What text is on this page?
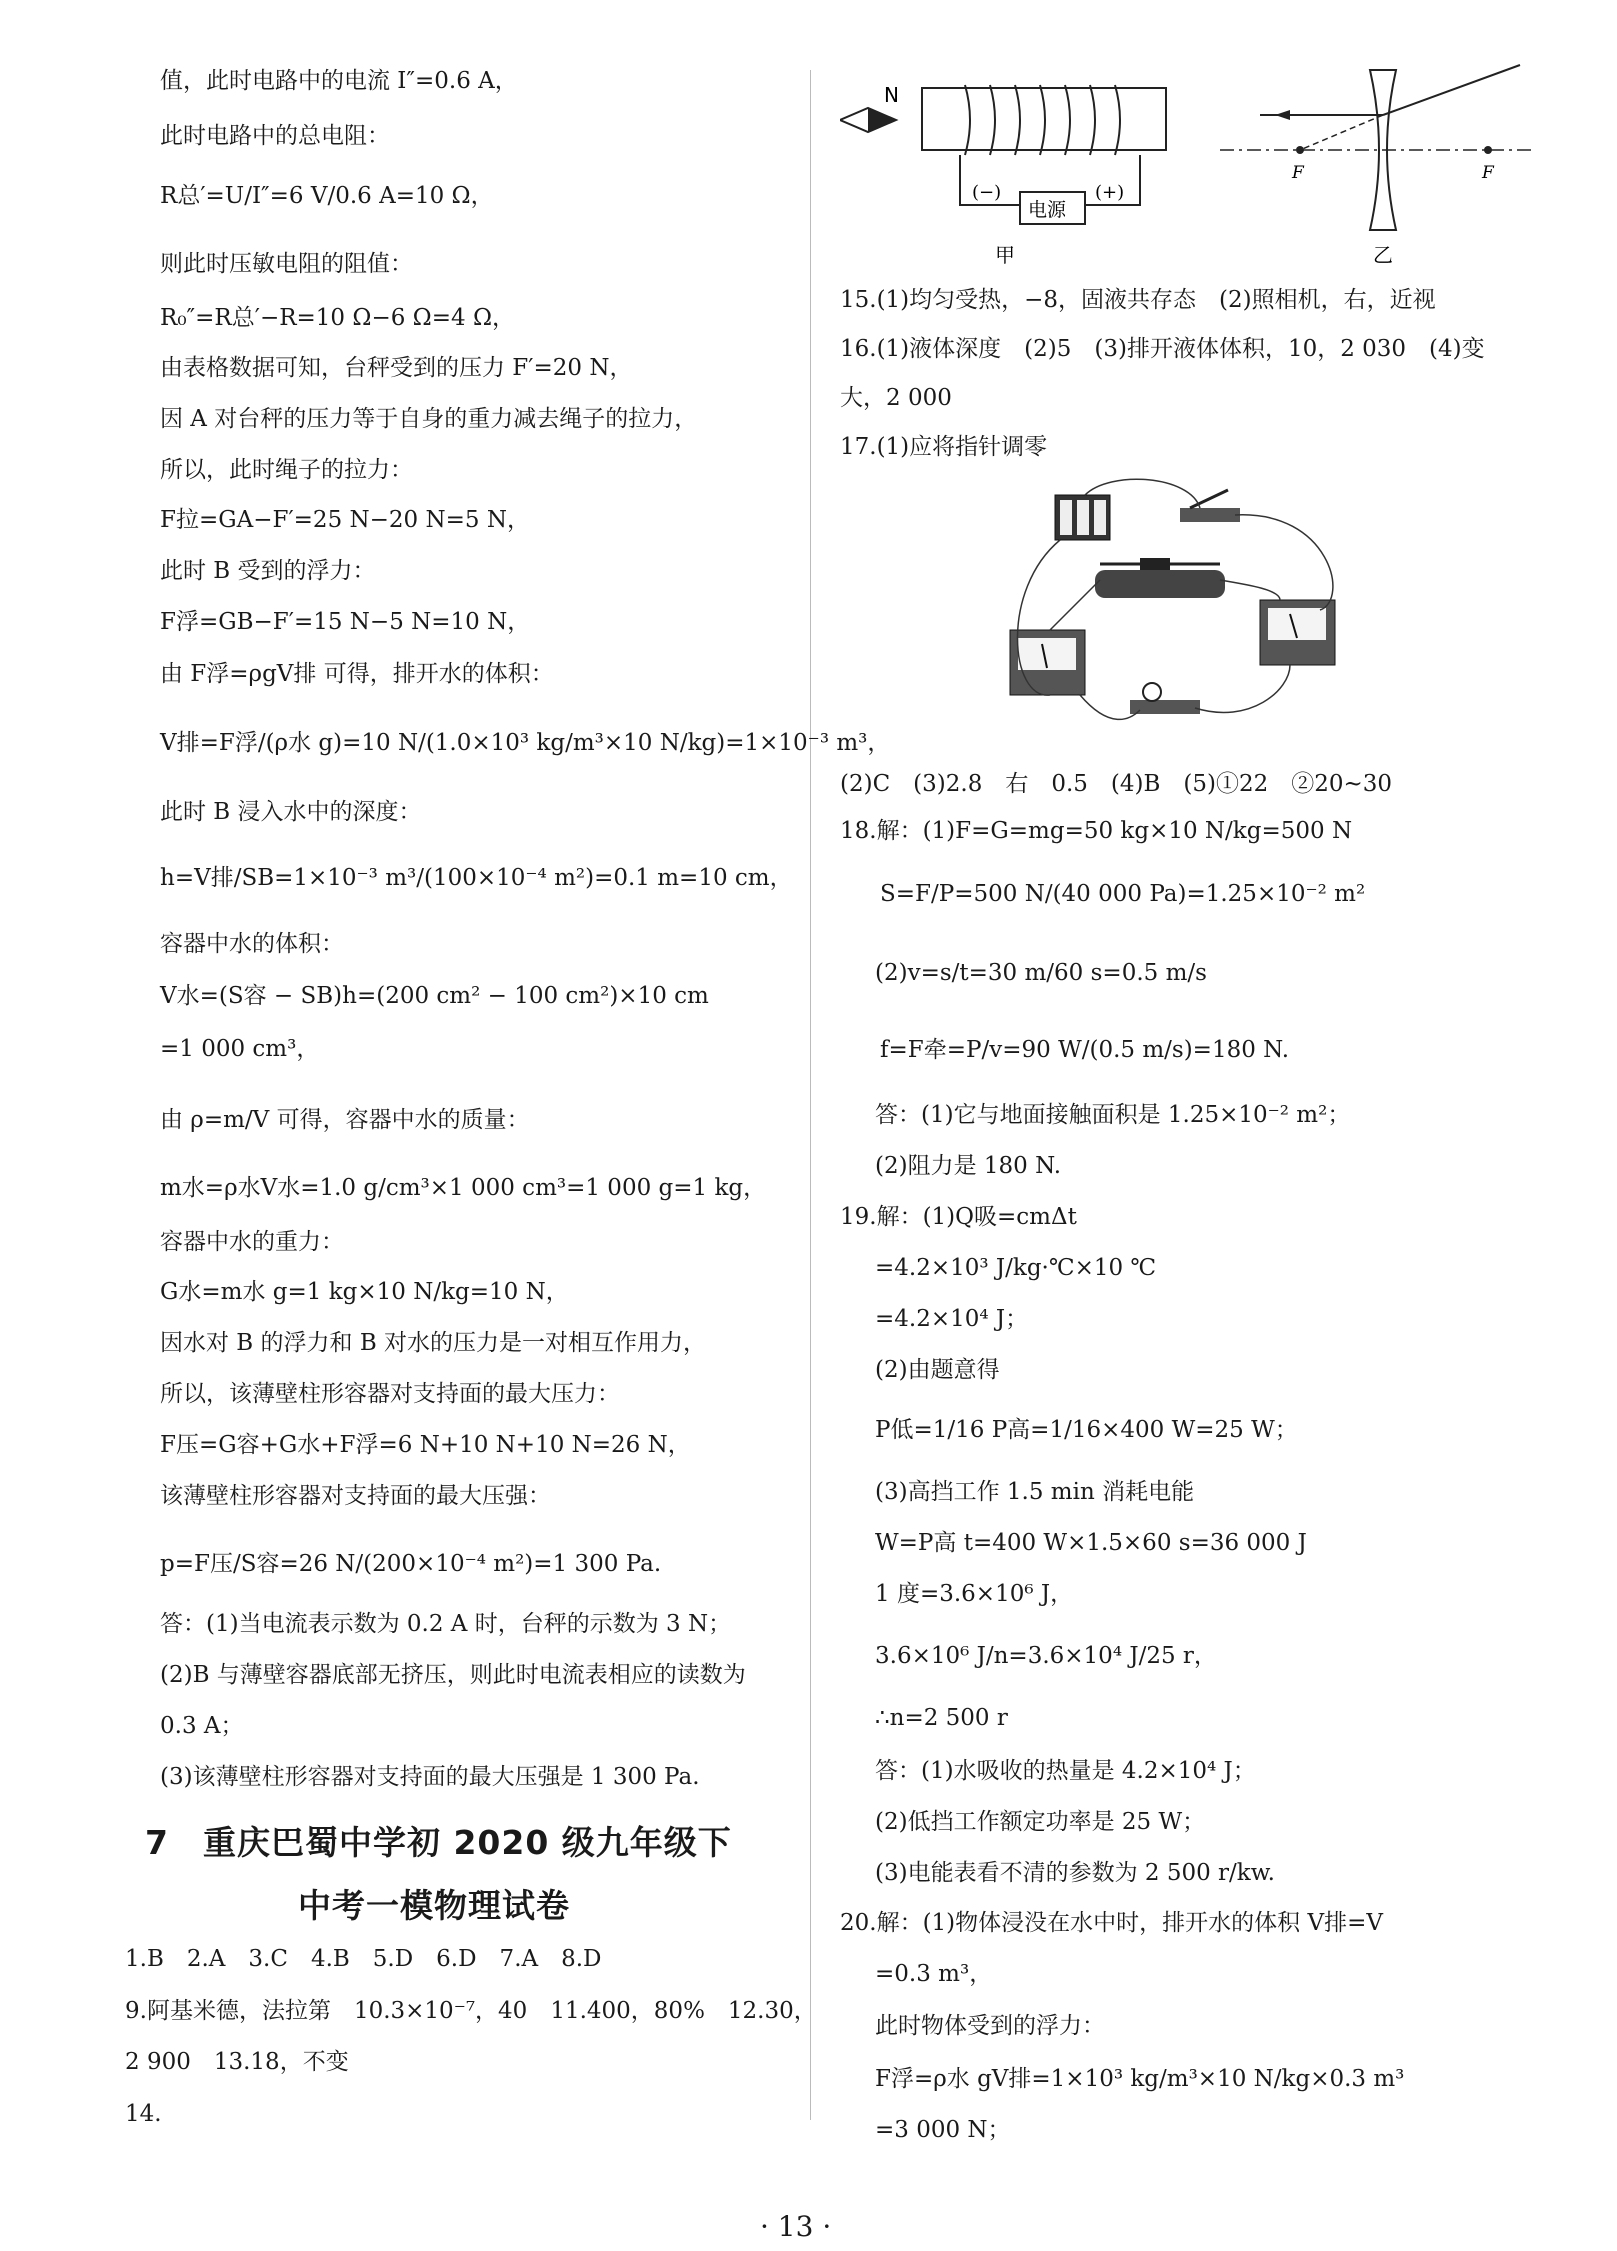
值，此时电路中的电流 I″=0.6 A，
此时电路中的总电阻：
R总′=U/I″=6 V/0.6 A=10 Ω，
则此时压敏电阻的阻值：
R₀″=R总′−R=10 Ω−6 Ω=4 Ω，
由表格数据可知，台秤受到的压力 F′=20 N，
因 A 对台秤的压力等于自身的重力减去绳子的拉力，
所以，此时绳子的拉力：
F拉=GA−F′=25 N−20 N=5 N，
此时 B 受到的浮力：
F浮=GB−F′=15 N−5 N=10 N，
由 F浮=ρgV排 可得，排开水的体积：
V排=F浮/(ρ水 g)=10 N/(1.0×10³ kg/m³×10 N/kg)=1×10⁻³ m³，
此时 B 浸入水中的深度：
h=V排/SB=1×10⁻³ m³/(100×10⁻⁴ m²)=0.1 m=10 cm，
容器中水的体积：
V水=(S容 − SB)h=(200 cm² − 100 cm²)×10 cm
=1 000 cm³，
由 ρ=m/V 可得，容器中水的质量：
m水=ρ水V水=1.0 g/cm³×1 000 cm³=1 000 g=1 kg，
容器中水的重力：
G水=m水 g=1 kg×10 N/kg=10 N，
因水对 B 的浮力和 B 对水的压力是一对相互作用力，
所以，该薄壁柱形容器对支持面的最大压力：
F压=G容+G水+F浮=6 N+10 N+10 N=26 N，
该薄壁柱形容器对支持面的最大压强：
p=F压/S容=26 N/(200×10⁻⁴ m²)=1 300 Pa.
答：(1)当电流表示数为 0.2 A 时，台秤的示数为 3 N；
(2)B 与薄壁容器底部无挤压，则此时电流表相应的读数为
0.3 A；
(3)该薄壁柱形容器对支持面的最大压强是 1 300 Pa.
7　重庆巴蜀中学初 2020 级九年级下
中考一模物理试卷
1.B　2.A　3.C　4.B　5.D　6.D　7.A　8.D
9.阿基米德，法拉第　10.3×10⁻⁷，40　11.400，80%　12.30，
2 900　13.18，不变
14.
N
(−)	(+)
电源
甲
F	F
乙
15.(1)均匀受热，−8，固液共存态　(2)照相机，右，近视
16.(1)液体深度　(2)5　(3)排开液体体积，10，2 030　(4)变
大，2 000
17.(1)应将指针调零
(2)C　(3)2.8　右　0.5　(4)B　(5)①22　②20~30
18.解：(1)F=G=mg=50 kg×10 N/kg=500 N
S=F/P=500 N/(40 000 Pa)=1.25×10⁻² m²
(2)v=s/t=30 m/60 s=0.5 m/s
f=F牵=P/v=90 W/(0.5 m/s)=180 N.
答：(1)它与地面接触面积是 1.25×10⁻² m²；
(2)阻力是 180 N.
19.解：(1)Q吸=cmΔt
=4.2×10³ J/kg·℃×10 ℃
=4.2×10⁴ J；
(2)由题意得
P低=1/16 P高=1/16×400 W=25 W；
(3)高挡工作 1.5 min 消耗电能
W=P高 t=400 W×1.5×60 s=36 000 J
1 度=3.6×10⁶ J，
3.6×10⁶ J/n=3.6×10⁴ J/25 r，
∴n=2 500 r
答：(1)水吸收的热量是 4.2×10⁴ J；
(2)低挡工作额定功率是 25 W；
(3)电能表看不清的参数为 2 500 r/kw.
20.解：(1)物体浸没在水中时，排开水的体积 V排=V
=0.3 m³，
此时物体受到的浮力：
F浮=ρ水 gV排=1×10³ kg/m³×10 N/kg×0.3 m³
=3 000 N；
· 13 ·
